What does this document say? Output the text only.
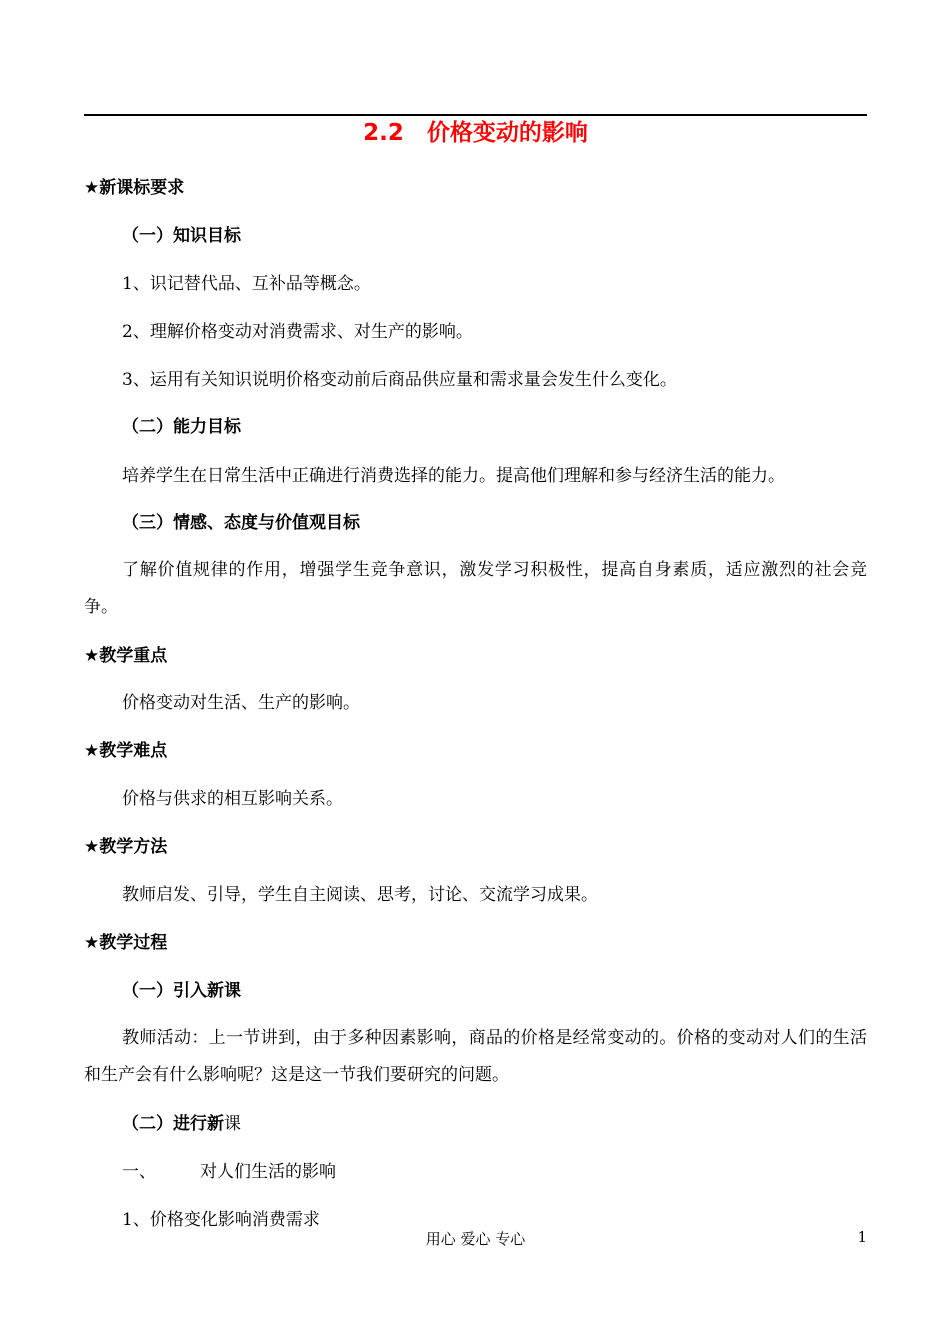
2.2　价格变动的影响
★新课标要求
（一）知识目标
1、识记替代品、互补品等概念。
2、理解价格变动对消费需求、对生产的影响。
3、运用有关知识说明价格变动前后商品供应量和需求量会发生什么变化。
（二）能力目标
培养学生在日常生活中正确进行消费选择的能力。提高他们理解和参与经济生活的能力。
（三）情感、态度与价值观目标
了解价值规律的作用，增强学生竞争意识，激发学习积极性，提高自身素质，适应激烈的社会竞争。
★教学重点
价格变动对生活、生产的影响。
★教学难点
价格与供求的相互影响关系。
★教学方法
教师启发、引导，学生自主阅读、思考，讨论、交流学习成果。
★教学过程
（一）引入新课
教师活动：上一节讲到，由于多种因素影响，商品的价格是经常变动的。价格的变动对人们的生活和生产会有什么影响呢？这是这一节我们要研究的问题。
（二）进行新课
一、	对人们生活的影响
1、价格变化影响消费需求
用心 爱心 专心	1
